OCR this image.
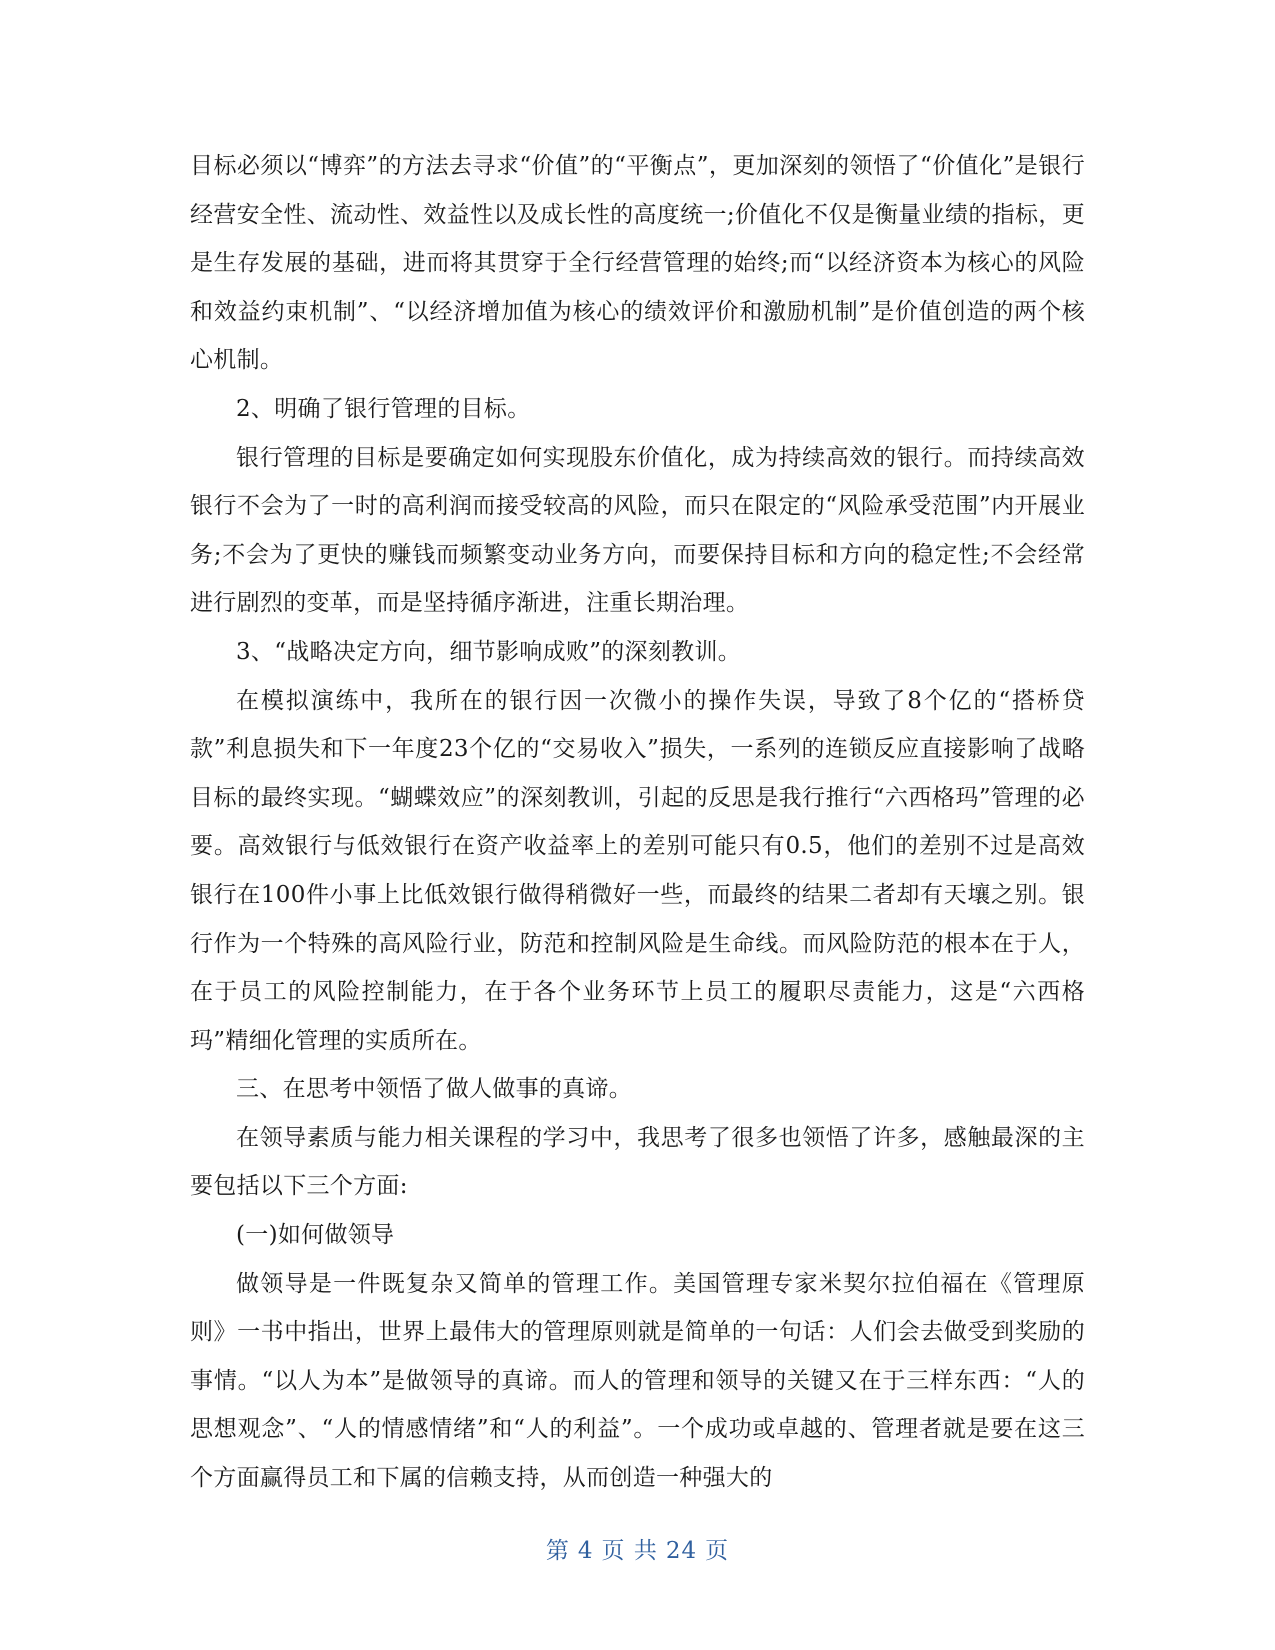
目标必须以“博弈”的方法去寻求“价值”的“平衡点”，更加深刻的领悟了“价值化”是银行经营安全性、流动性、效益性以及成长性的高度统一;价值化不仅是衡量业绩的指标，更是生存发展的基础，进而将其贯穿于全行经营管理的始终;而“以经济资本为核心的风险和效益约束机制”、“以经济增加值为核心的绩效评价和激励机制”是价值创造的两个核心机制。

2、明确了银行管理的目标。

银行管理的目标是要确定如何实现股东价值化，成为持续高效的银行。而持续高效银行不会为了一时的高利润而接受较高的风险，而只在限定的“风险承受范围”内开展业务;不会为了更快的赚钱而频繁变动业务方向，而要保持目标和方向的稳定性;不会经常进行剧烈的变革，而是坚持循序渐进，注重长期治理。

3、“战略决定方向，细节影响成败”的深刻教训。

在模拟演练中，我所在的银行因一次微小的操作失误，导致了8个亿的“搭桥贷款”利息损失和下一年度23个亿的“交易收入”损失，一系列的连锁反应直接影响了战略目标的最终实现。“蝴蝶效应”的深刻教训，引起的反思是我行推行“六西格玛”管理的必要。高效银行与低效银行在资产收益率上的差别可能只有0.5，他们的差别不过是高效银行在100件小事上比低效银行做得稍微好一些，而最终的结果二者却有天壤之别。银行作为一个特殊的高风险行业，防范和控制风险是生命线。而风险防范的根本在于人，在于员工的风险控制能力，在于各个业务环节上员工的履职尽责能力，这是“六西格玛”精细化管理的实质所在。

三、在思考中领悟了做人做事的真谛。

在领导素质与能力相关课程的学习中，我思考了很多也领悟了许多，感触最深的主要包括以下三个方面:

(一)如何做领导

做领导是一件既复杂又简单的管理工作。美国管理专家米契尔拉伯福在《管理原则》一书中指出，世界上最伟大的管理原则就是简单的一句话：人们会去做受到奖励的事情。“以人为本”是做领导的真谛。而人的管理和领导的关键又在于三样东西：“人的思想观念”、“人的情感情绪”和“人的利益”。一个成功或卓越的、管理者就是要在这三个方面赢得员工和下属的信赖支持，从而创造一种强大的

第 4 页 共 24 页
